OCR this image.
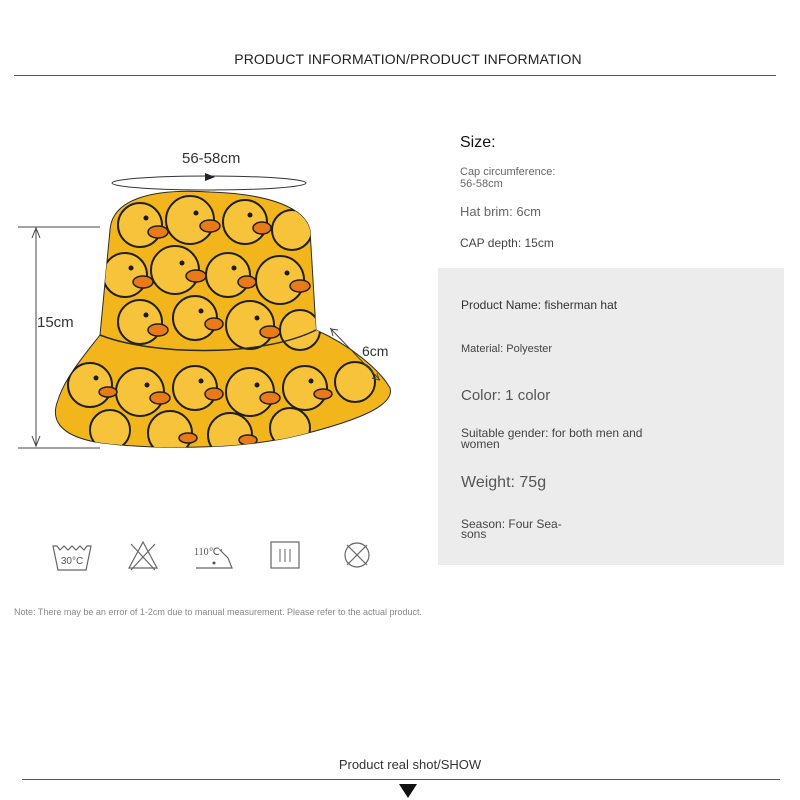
PRODUCT INFORMATION/PRODUCT INFORMATION
56-58cm
15cm
6cm
Size:
Cap circumference:
56-58cm
Hat brim: 6cm
CAP depth: 15cm
Product Name: fisherman hat
Material: Polyester
Color: 1 color
Suitable gender: for both men and
women
Weight: 75g
Season: Four Sea-
sons
30°C
110℃
Note: There may be an error of 1-2cm due to manual measurement. Please refer to the actual product.
Product real shot/SHOW
